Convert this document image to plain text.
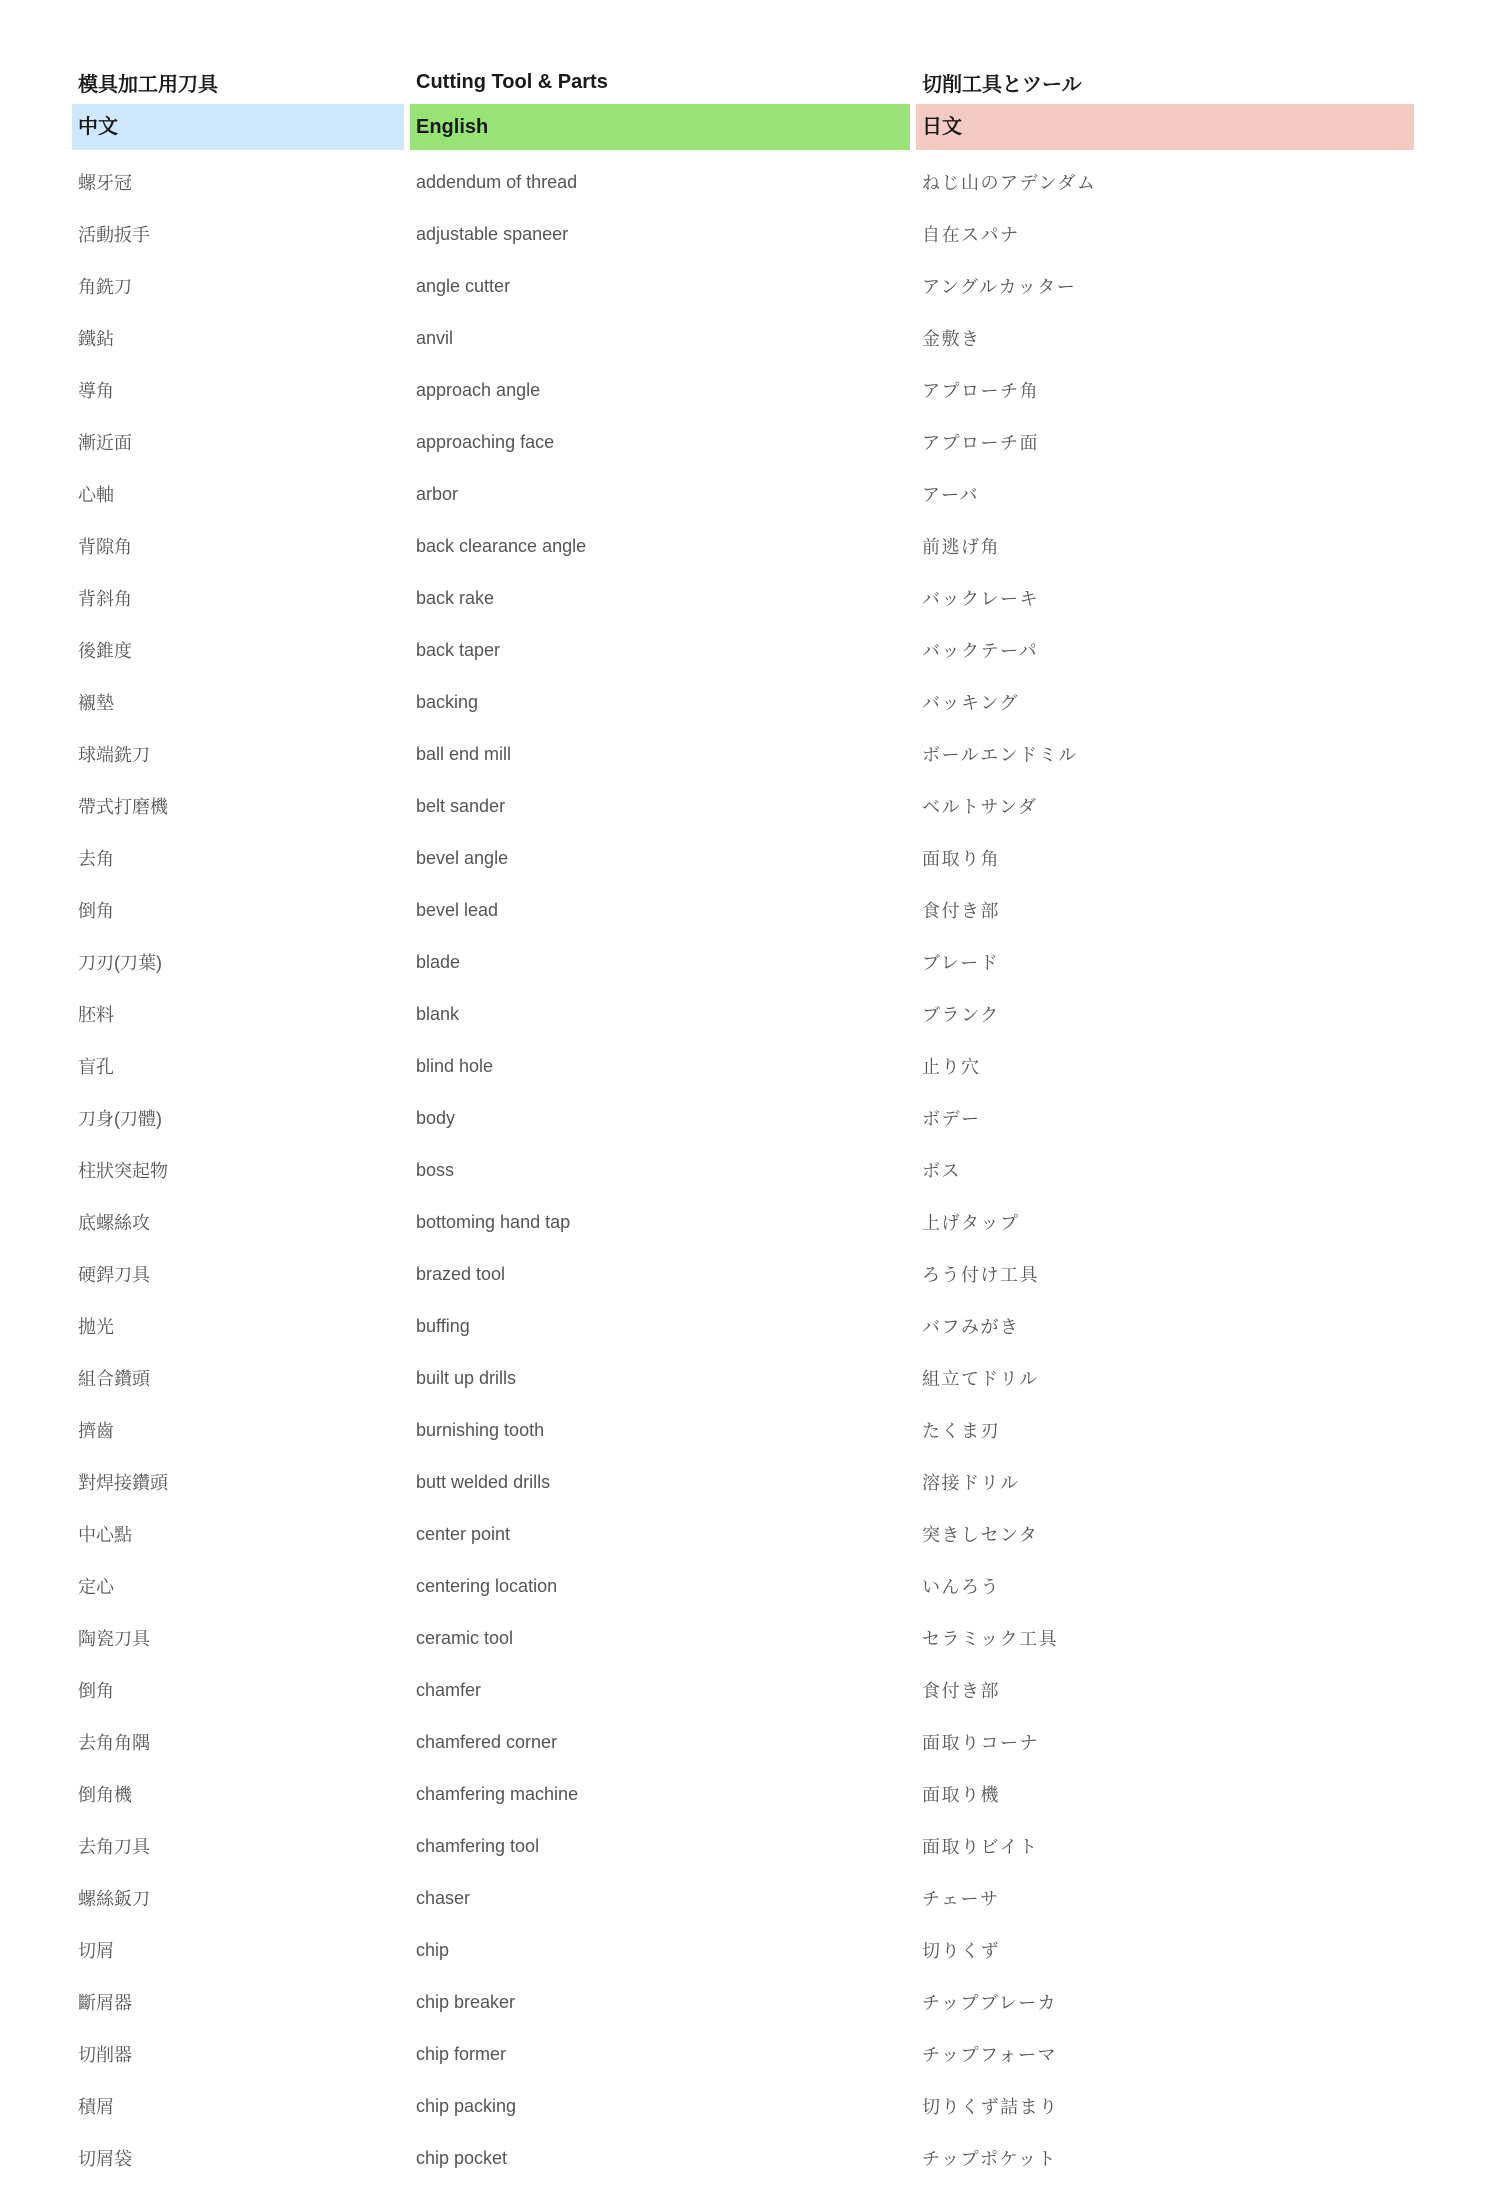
模具加工用刀具	Cutting Tool & Parts	切削工具とツール
中文	English	日文
螺牙冠	addendum of thread	ねじ山のアデンダム
活動扳手	adjustable spaneer	自在スパナ
角銑刀	angle cutter	アングルカッター
鐵鉆	anvil	金敷き
導角	approach angle	アプローチ角
漸近面	approaching face	アプローチ面
心軸	arbor	アーバ
背隙角	back clearance angle	前逃げ角
背斜角	back rake	バックレーキ
後錐度	back taper	バックテーパ
襯墊	backing	バッキング
球端銑刀	ball end mill	ボールエンドミル
帶式打磨機	belt sander	ベルトサンダ
去角	bevel angle	面取り角
倒角	bevel lead	食付き部
刀刃(刀葉)	blade	ブレード
胚料	blank	ブランク
盲孔	blind hole	止り穴
刀身(刀體)	body	ボデー
柱狀突起物	boss	ボス
底螺絲攻	bottoming hand tap	上げタップ
硬銲刀具	brazed tool	ろう付け工具
拋光	buffing	バフみがき
組合鑽頭	built up drills	組立てドリル
擠齒	burnishing tooth	たくま刃
對焊接鑽頭	butt welded drills	溶接ドリル
中心點	center point	突きしセンタ
定心	centering location	いんろう
陶瓷刀具	ceramic tool	セラミック工具
倒角	chamfer	食付き部
去角角隅	chamfered corner	面取りコーナ
倒角機	chamfering machine	面取り機
去角刀具	chamfering tool	面取りビイト
螺絲鈑刀	chaser	チェーサ
切屑	chip	切りくず
斷屑器	chip breaker	チップブレーカ
切削器	chip former	チップフォーマ
積屑	chip packing	切りくず詰まり
切屑袋	chip pocket	チップポケット
